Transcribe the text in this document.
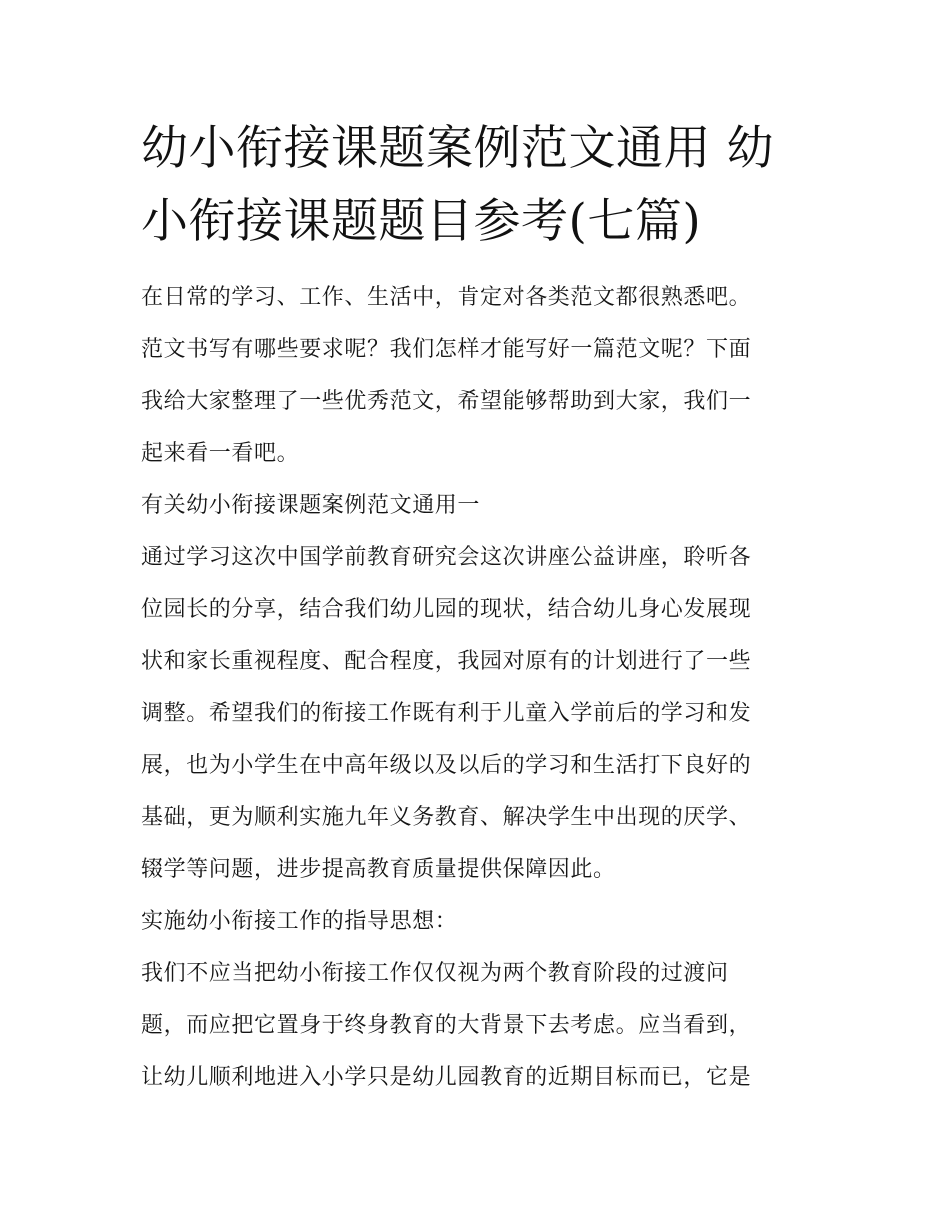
幼小衔接课题案例范文通用 幼
小衔接课题题目参考(七篇)
在日常的学习、工作、生活中，肯定对各类范文都很熟悉吧。
范文书写有哪些要求呢？我们怎样才能写好一篇范文呢？下面
我给大家整理了一些优秀范文，希望能够帮助到大家，我们一
起来看一看吧。
有关幼小衔接课题案例范文通用一
通过学习这次中国学前教育研究会这次讲座公益讲座，聆听各
位园长的分享，结合我们幼儿园的现状，结合幼儿身心发展现
状和家长重视程度、配合程度，我园对原有的计划进行了一些
调整。希望我们的衔接工作既有利于儿童入学前后的学习和发
展，也为小学生在中高年级以及以后的学习和生活打下良好的
基础，更为顺利实施九年义务教育、解决学生中出现的厌学、
辍学等问题，进步提高教育质量提供保障因此。
实施幼小衔接工作的指导思想：
我们不应当把幼小衔接工作仅仅视为两个教育阶段的过渡问
题，而应把它置身于终身教育的大背景下去考虑。应当看到，
让幼儿顺利地进入小学只是幼儿园教育的近期目标而已，它是
